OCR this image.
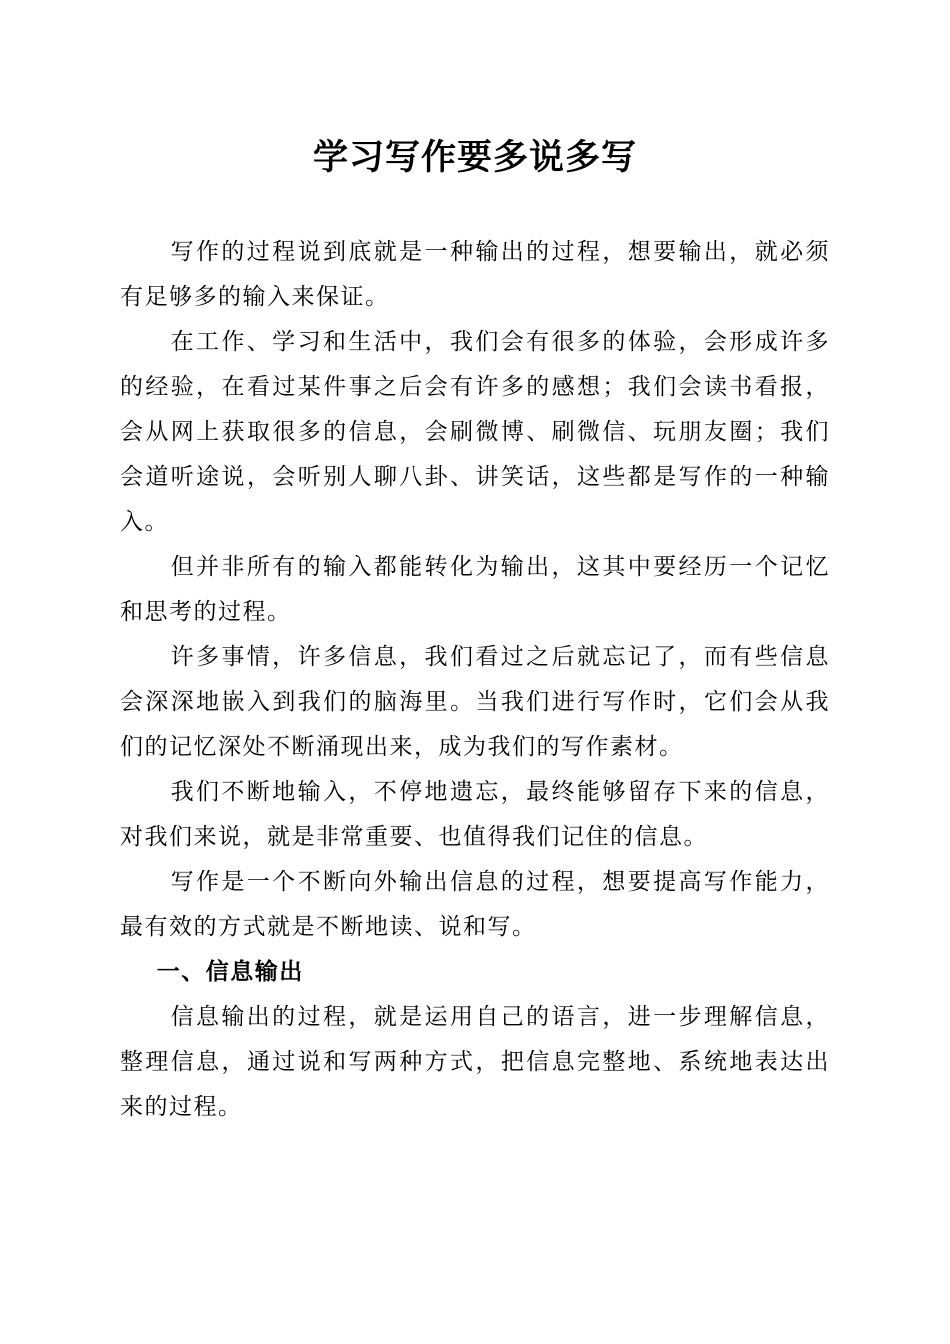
学习写作要多说多写

写作的过程说到底就是一种输出的过程，想要输出，就必须有足够多的输入来保证。

在工作、学习和生活中，我们会有很多的体验，会形成许多的经验，在看过某件事之后会有许多的感想；我们会读书看报，会从网上获取很多的信息，会刷微博、刷微信、玩朋友圈；我们会道听途说，会听别人聊八卦、讲笑话，这些都是写作的一种输入。

但并非所有的输入都能转化为输出，这其中要经历一个记忆和思考的过程。

许多事情，许多信息，我们看过之后就忘记了，而有些信息会深深地嵌入到我们的脑海里。当我们进行写作时，它们会从我们的记忆深处不断涌现出来，成为我们的写作素材。

我们不断地输入，不停地遗忘，最终能够留存下来的信息，对我们来说，就是非常重要、也值得我们记住的信息。

写作是一个不断向外输出信息的过程，想要提高写作能力，最有效的方式就是不断地读、说和写。

一、信息输出

信息输出的过程，就是运用自己的语言，进一步理解信息，整理信息，通过说和写两种方式，把信息完整地、系统地表达出来的过程。
